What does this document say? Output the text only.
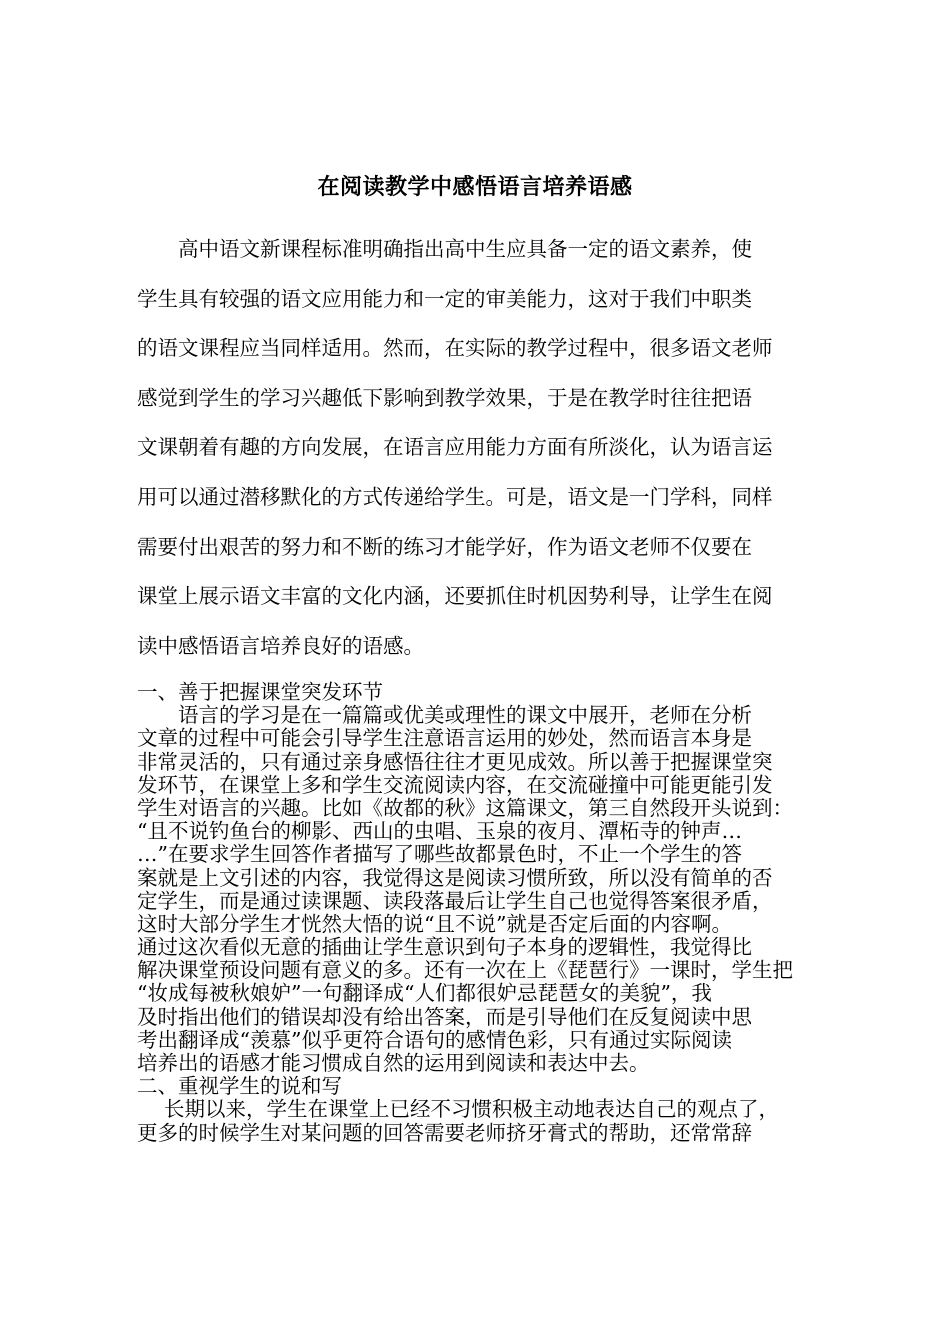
在阅读教学中感悟语言培养语感
　　高中语文新课程标准明确指出高中生应具备一定的语文素养，使
学生具有较强的语文应用能力和一定的审美能力，这对于我们中职类
的语文课程应当同样适用。然而，在实际的教学过程中，很多语文老师
感觉到学生的学习兴趣低下影响到教学效果，于是在教学时往往把语
文课朝着有趣的方向发展，在语言应用能力方面有所淡化，认为语言运
用可以通过潜移默化的方式传递给学生。可是，语文是一门学科，同样
需要付出艰苦的努力和不断的练习才能学好，作为语文老师不仅要在
课堂上展示语文丰富的文化内涵，还要抓住时机因势利导，让学生在阅
读中感悟语言培养良好的语感。
一、善于把握课堂突发环节
　　语言的学习是在一篇篇或优美或理性的课文中展开，老师在分析
文章的过程中可能会引导学生注意语言运用的妙处，然而语言本身是
非常灵活的，只有通过亲身感悟往往才更见成效。所以善于把握课堂突
发环节，在课堂上多和学生交流阅读内容，在交流碰撞中可能更能引发
学生对语言的兴趣。比如《故都的秋》这篇课文，第三自然段开头说到：
“且不说钓鱼台的柳影、西山的虫唱、玉泉的夜月、潭柘寺的钟声…
…”在要求学生回答作者描写了哪些故都景色时，不止一个学生的答
案就是上文引述的内容，我觉得这是阅读习惯所致，所以没有简单的否
定学生，而是通过读课题、读段落最后让学生自己也觉得答案很矛盾，
这时大部分学生才恍然大悟的说“且不说”就是否定后面的内容啊。
通过这次看似无意的插曲让学生意识到句子本身的逻辑性，我觉得比
解决课堂预设问题有意义的多。还有一次在上《琵琶行》一课时，学生把
“妆成每被秋娘妒”一句翻译成“人们都很妒忌琵琶女的美貌”，我
及时指出他们的错误却没有给出答案，而是引导他们在反复阅读中思
考出翻译成“羡慕”似乎更符合语句的感情色彩，只有通过实际阅读
培养出的语感才能习惯成自然的运用到阅读和表达中去。
二、重视学生的说和写
　 长期以来，学生在课堂上已经不习惯积极主动地表达自己的观点了，
更多的时候学生对某问题的回答需要老师挤牙膏式的帮助，还常常辞
